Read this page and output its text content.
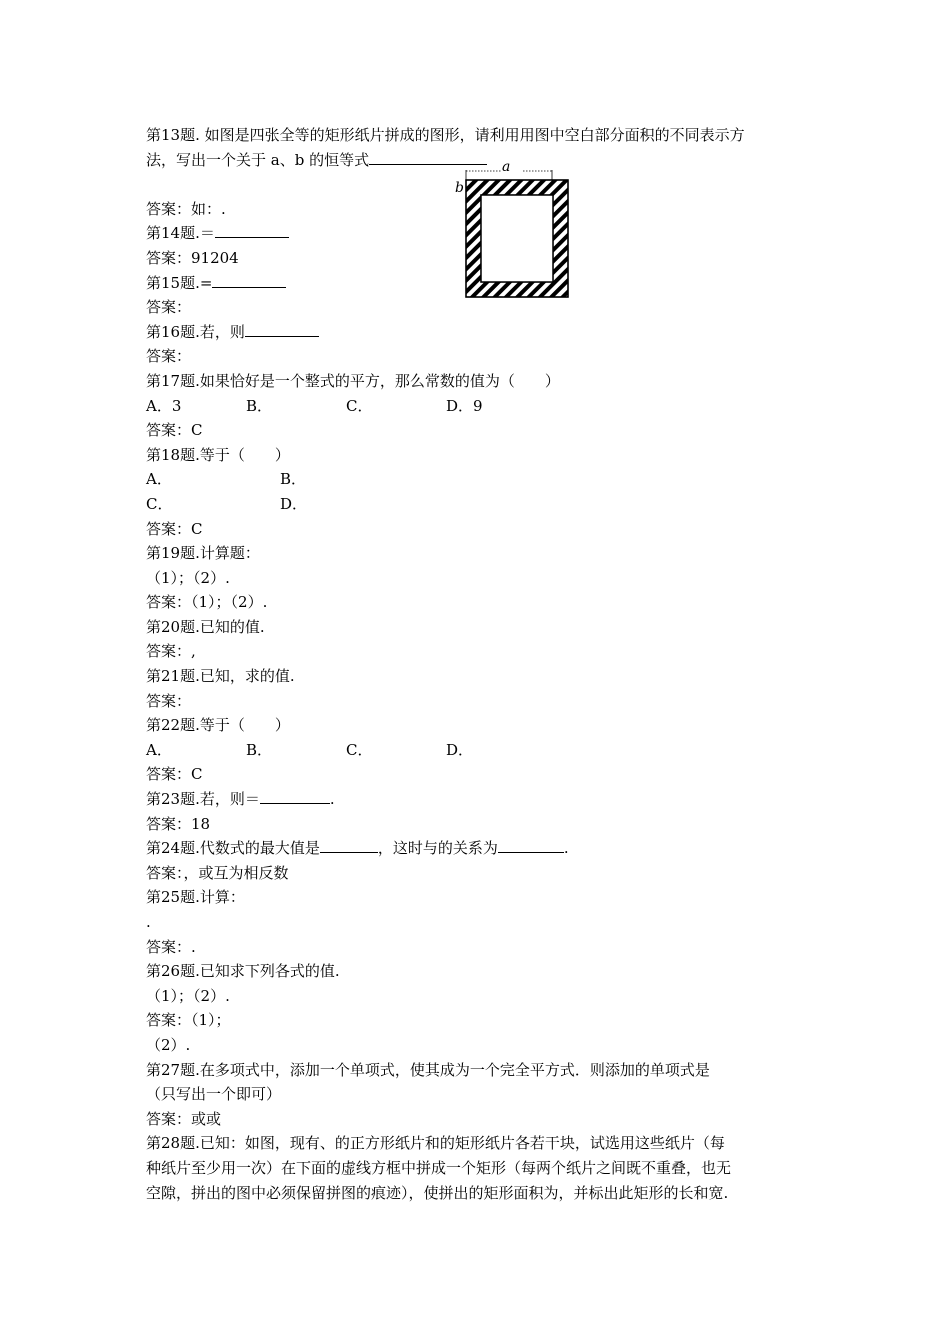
第13题. 如图是四张全等的矩形纸片拼成的图形，请利用用图中空白部分面积的不同表示方
法，写出一个关于 a、b 的恒等式
答案：如：.
第14题.＝
答案：91204
第15题.=
答案：
第16题.若，则
答案：
第17题.如果恰好是一个整式的平方，那么常数的值为（　　）
A．3	B．	C．	D．9
答案：C
第18题.等于（　　）
A．	B．
C．	D．
答案：C
第19题.计算题：
（1）；（2）.
答案：（1）；（2）.
第20题.已知的值.
答案：,
第21题.已知，求的值.
答案：
第22题.等于（　　）
A．	B．	C．	D．
答案：C
第23题.若，则＝	.
答案：18
第24题.代数式的最大值是	，这时与的关系为	.
答案：，或互为相反数
第25题.计算：
.
答案：.
第26题.已知求下列各式的值.
（1）；（2）.
答案：（1）；
（2）.
第27题.在多项式中，添加一个单项式，使其成为一个完全平方式．则添加的单项式是
（只写出一个即可）
答案：或或
第28题.已知：如图，现有、的正方形纸片和的矩形纸片各若干块，试选用这些纸片（每
种纸片至少用一次）在下面的虚线方框中拼成一个矩形（每两个纸片之间既不重叠，也无
空隙，拼出的图中必须保留拼图的痕迹），使拼出的矩形面积为，并标出此矩形的长和宽.
a
b
